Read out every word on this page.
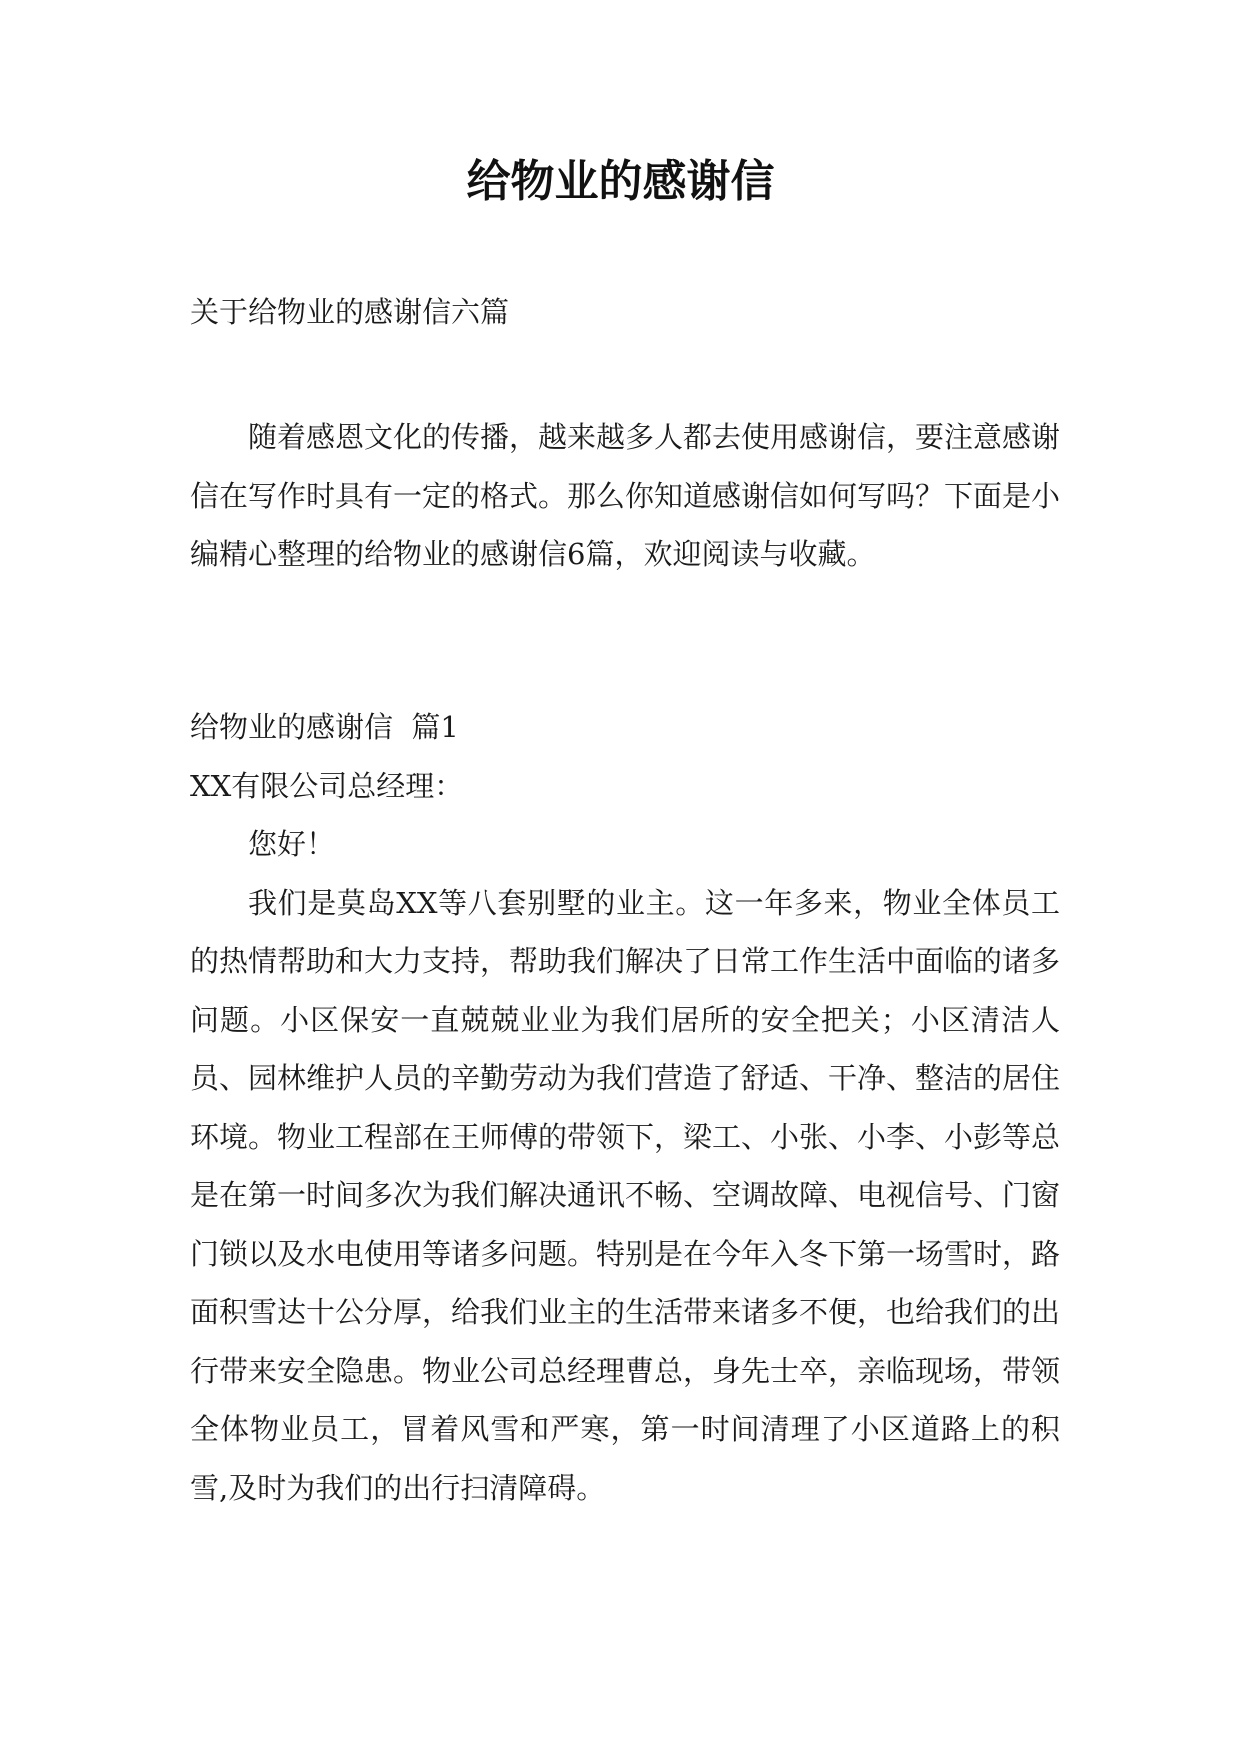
给物业的感谢信

关于给物业的感谢信六篇

随着感恩文化的传播，越来越多人都去使用感谢信，要注意感谢信在写作时具有一定的格式。那么你知道感谢信如何写吗？下面是小编精心整理的给物业的感谢信6篇，欢迎阅读与收藏。

给物业的感谢信  篇1

XX有限公司总经理：

您好！

我们是莫岛XX等八套别墅的业主。这一年多来，物业全体员工的热情帮助和大力支持，帮助我们解决了日常工作生活中面临的诸多问题。小区保安一直兢兢业业为我们居所的安全把关；小区清洁人员、园林维护人员的辛勤劳动为我们营造了舒适、干净、整洁的居住环境。物业工程部在王师傅的带领下，梁工、小张、小李、小彭等总是在第一时间多次为我们解决通讯不畅、空调故障、电视信号、门窗门锁以及水电使用等诸多问题。特别是在今年入冬下第一场雪时，路面积雪达十公分厚，给我们业主的生活带来诸多不便，也给我们的出行带来安全隐患。物业公司总经理曹总，身先士卒，亲临现场，带领全体物业员工，冒着风雪和严寒，第一时间清理了小区道路上的积雪,及时为我们的出行扫清障碍。
